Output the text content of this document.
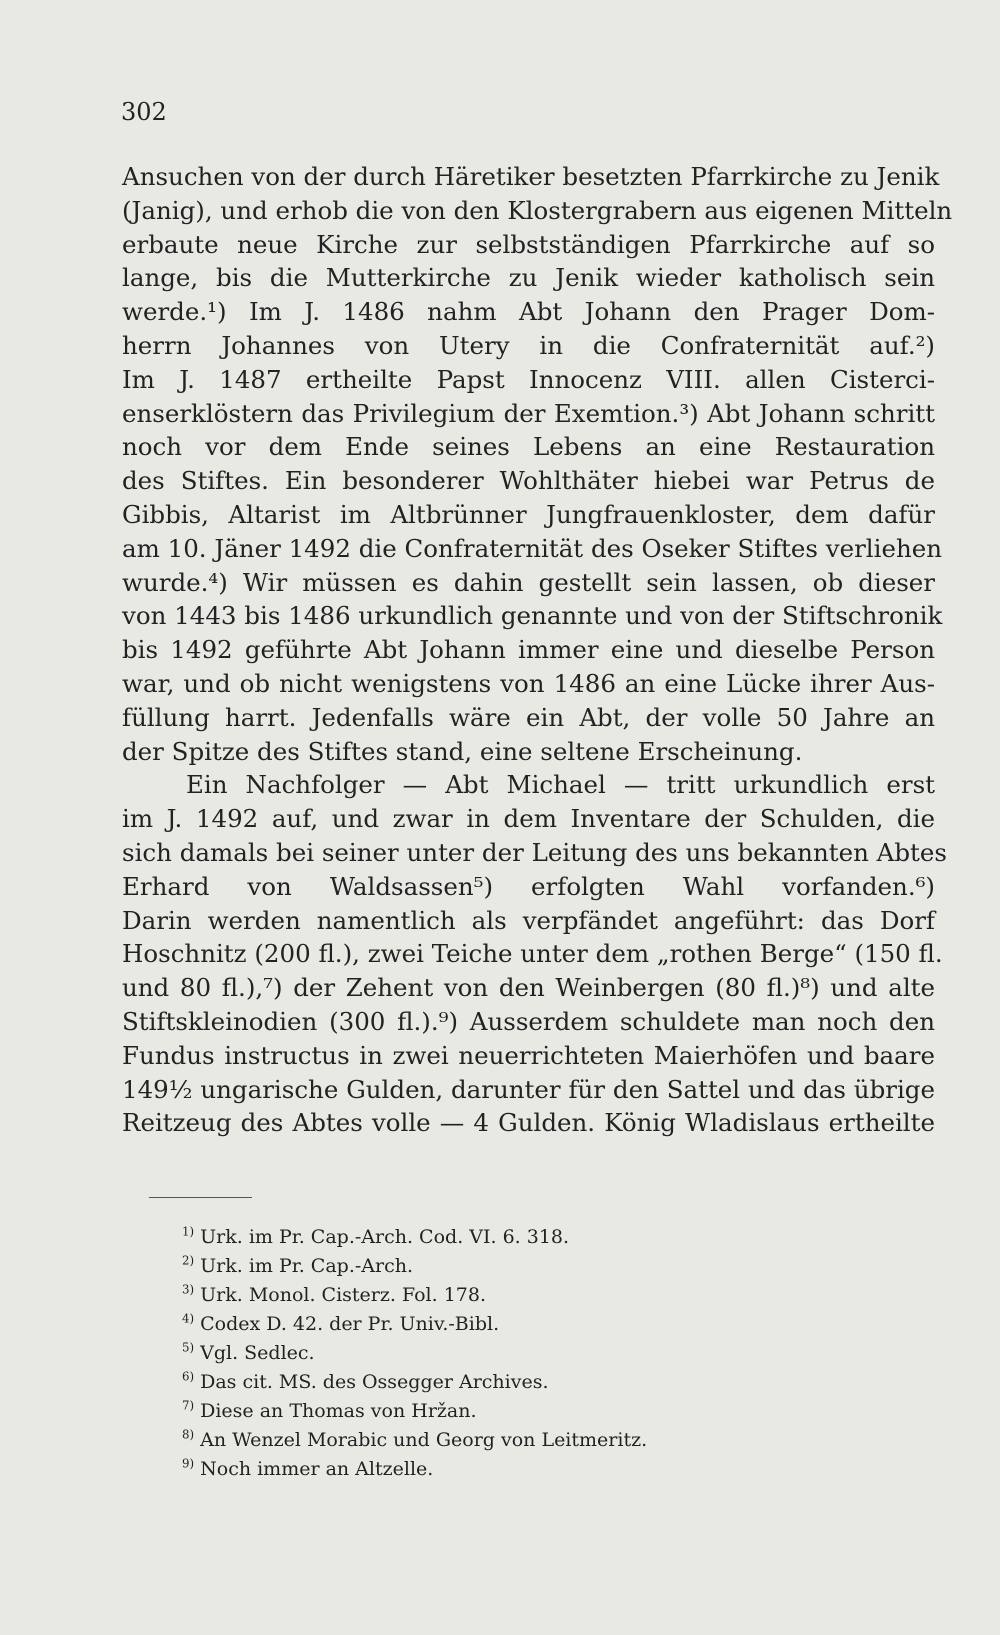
302
Ansuchen von der durch Häretiker besetzten Pfarrkirche zu Jenik
(Janig), und erhob die von den Klostergrabern aus eigenen Mitteln
erbaute neue Kirche zur selbstständigen Pfarrkirche auf so
lange, bis die Mutterkirche zu Jenik wieder katholisch sein
werde.¹) Im J. 1486 nahm Abt Johann den Prager Dom-
herrn Johannes von Utery in die Confraternität auf.²)
Im J. 1487 ertheilte Papst Innocenz VIII. allen Cisterci-
enserklöstern das Privilegium der Exemtion.³) Abt Johann schritt
noch vor dem Ende seines Lebens an eine Restauration
des Stiftes. Ein besonderer Wohlthäter hiebei war Petrus de
Gibbis, Altarist im Altbrünner Jungfrauenkloster, dem dafür
am 10. Jäner 1492 die Confraternität des Oseker Stiftes verliehen
wurde.⁴) Wir müssen es dahin gestellt sein lassen, ob dieser
von 1443 bis 1486 urkundlich genannte und von der Stiftschronik
bis 1492 geführte Abt Johann immer eine und dieselbe Person
war, und ob nicht wenigstens von 1486 an eine Lücke ihrer Aus-
füllung harrt. Jedenfalls wäre ein Abt, der volle 50 Jahre an
der Spitze des Stiftes stand, eine seltene Erscheinung.
Ein Nachfolger — Abt Michael — tritt urkundlich erst
im J. 1492 auf, und zwar in dem Inventare der Schulden, die
sich damals bei seiner unter der Leitung des uns bekannten Abtes
Erhard von Waldsassen⁵) erfolgten Wahl vorfanden.⁶)
Darin werden namentlich als verpfändet angeführt: das Dorf
Hoschnitz (200 fl.), zwei Teiche unter dem „rothen Berge“ (150 fl.
und 80 fl.),⁷) der Zehent von den Weinbergen (80 fl.)⁸) und alte
Stiftskleinodien (300 fl.).⁹) Ausserdem schuldete man noch den
Fundus instructus in zwei neuerrichteten Maierhöfen und baare
149½ ungarische Gulden, darunter für den Sattel und das übrige
Reitzeug des Abtes volle — 4 Gulden. König Wladislaus ertheilte
$^{1)}$ Urk. im Pr. Cap.-Arch. Cod. VI. 6. 318.
$^{2)}$ Urk. im Pr. Cap.-Arch.
$^{3)}$ Urk. Monol. Cisterz. Fol. 178.
$^{4)}$ Codex D. 42. der Pr. Univ.-Bibl.
$^{5)}$ Vgl. Sedlec.
$^{6)}$ Das cit. MS. des Ossegger Archives.
$^{7)}$ Diese an Thomas von Hržan.
$^{8)}$ An Wenzel Morabic und Georg von Leitmeritz.
$^{9)}$ Noch immer an Altzelle.
